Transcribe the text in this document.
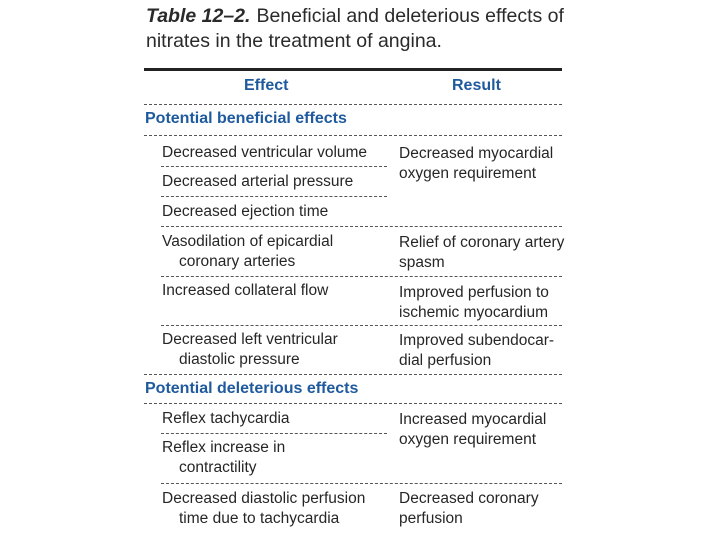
Table 12–2. Beneficial and deleterious effects of nitrates in the treatment of angina.
Effect	Result
Potential beneficial effects
Decreased ventricular volume
Decreased arterial pressure
Decreased ejection time
Vasodilation of epicardial
coronary arteries
Increased collateral flow
Decreased left ventricular
diastolic pressure
Decreased myocardial
oxygen requirement
Relief of coronary artery
spasm
Improved perfusion to
ischemic myocardium
Improved subendocar-
dial perfusion
Potential deleterious effects
Reflex tachycardia
Reflex increase in
contractility
Decreased diastolic perfusion
time due to tachycardia
Increased myocardial
oxygen requirement
Decreased coronary
perfusion
